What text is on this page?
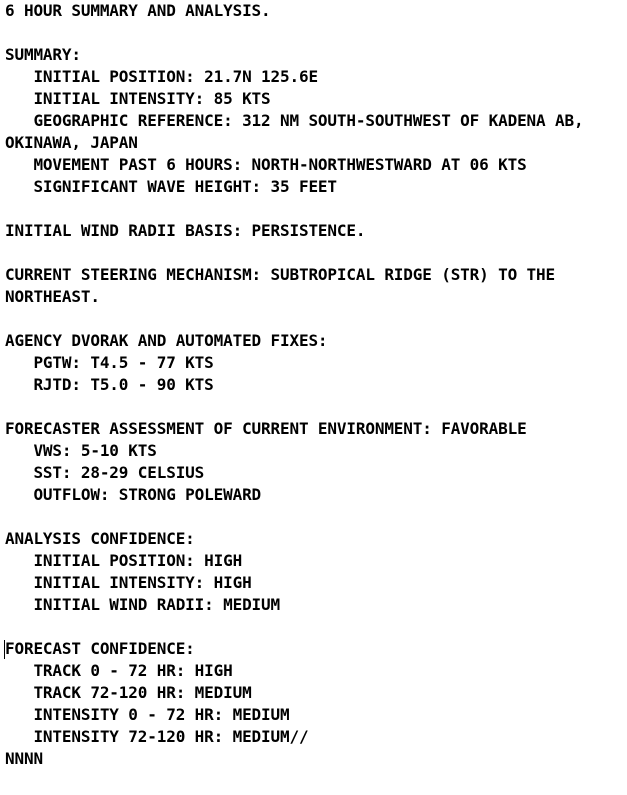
6 HOUR SUMMARY AND ANALYSIS.
SUMMARY:
INITIAL POSITION: 21.7N 125.6E
INITIAL INTENSITY: 85 KTS
GEOGRAPHIC REFERENCE: 312 NM SOUTH-SOUTHWEST OF KADENA AB,
OKINAWA, JAPAN
MOVEMENT PAST 6 HOURS: NORTH-NORTHWESTWARD AT 06 KTS
SIGNIFICANT WAVE HEIGHT: 35 FEET
INITIAL WIND RADII BASIS: PERSISTENCE.
CURRENT STEERING MECHANISM: SUBTROPICAL RIDGE (STR) TO THE
NORTHEAST.
AGENCY DVORAK AND AUTOMATED FIXES:
PGTW: T4.5 - 77 KTS
RJTD: T5.0 - 90 KTS
FORECASTER ASSESSMENT OF CURRENT ENVIRONMENT: FAVORABLE
VWS: 5-10 KTS
SST: 28-29 CELSIUS
OUTFLOW: STRONG POLEWARD
ANALYSIS CONFIDENCE:
INITIAL POSITION: HIGH
INITIAL INTENSITY: HIGH
INITIAL WIND RADII: MEDIUM
FORECAST CONFIDENCE:
TRACK 0 - 72 HR: HIGH
TRACK 72-120 HR: MEDIUM
INTENSITY 0 - 72 HR: MEDIUM
INTENSITY 72-120 HR: MEDIUM//
NNNN
